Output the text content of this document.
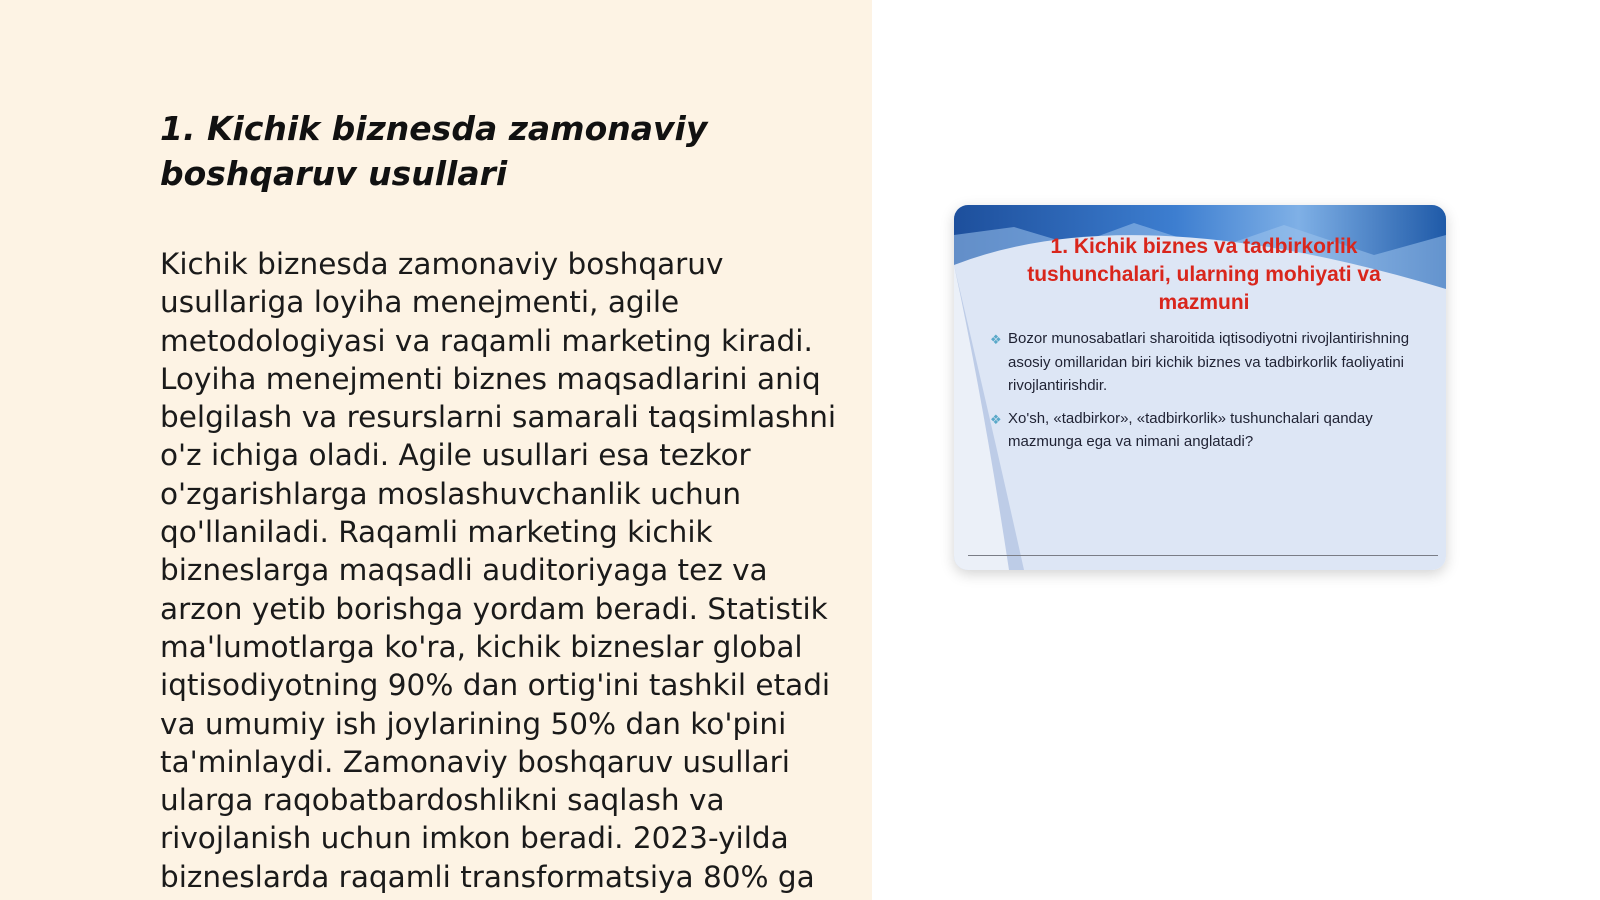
1. Kichik biznesda zamonaviy boshqaruv usullari

Kichik biznesda zamonaviy boshqaruv usullariga loyiha menejmenti, agile metodologiyasi va raqamli marketing kiradi. Loyiha menejmenti biznes maqsadlarini aniq belgilash va resurslarni samarali taqsimlashni o'z ichiga oladi. Agile usullari esa tezkor o'zgarishlarga moslashuvchanlik uchun qo'llaniladi. Raqamli marketing kichik bizneslarga maqsadli auditoriyaga tez va arzon yetib borishga yordam beradi. Statistik ma'lumotlarga ko'ra, kichik bizneslar global iqtisodiyotning 90% dan ortig'ini tashkil etadi va umumiy ish joylarining 50% dan ko'pini ta'minlaydi. Zamonaviy boshqaruv usullari ularga raqobatbardoshlikni saqlash va rivojlanish uchun imkon beradi. 2023-yilda bizneslarda raqamli transformatsiya 80% ga

1. Kichik biznes va tadbirkorlik tushunchalari, ularning mohiyati va mazmuni
❖ Bozor munosabatlari sharoitida iqtisodiyotni rivojlantirishning asosiy omillaridan biri kichik biznes va tadbirkorlik faoliyatini rivojlantirishdir.
❖ Xo'sh, «tadbirkor», «tadbirkorlik» tushunchalari qanday mazmunga ega va nimani anglatadi?
